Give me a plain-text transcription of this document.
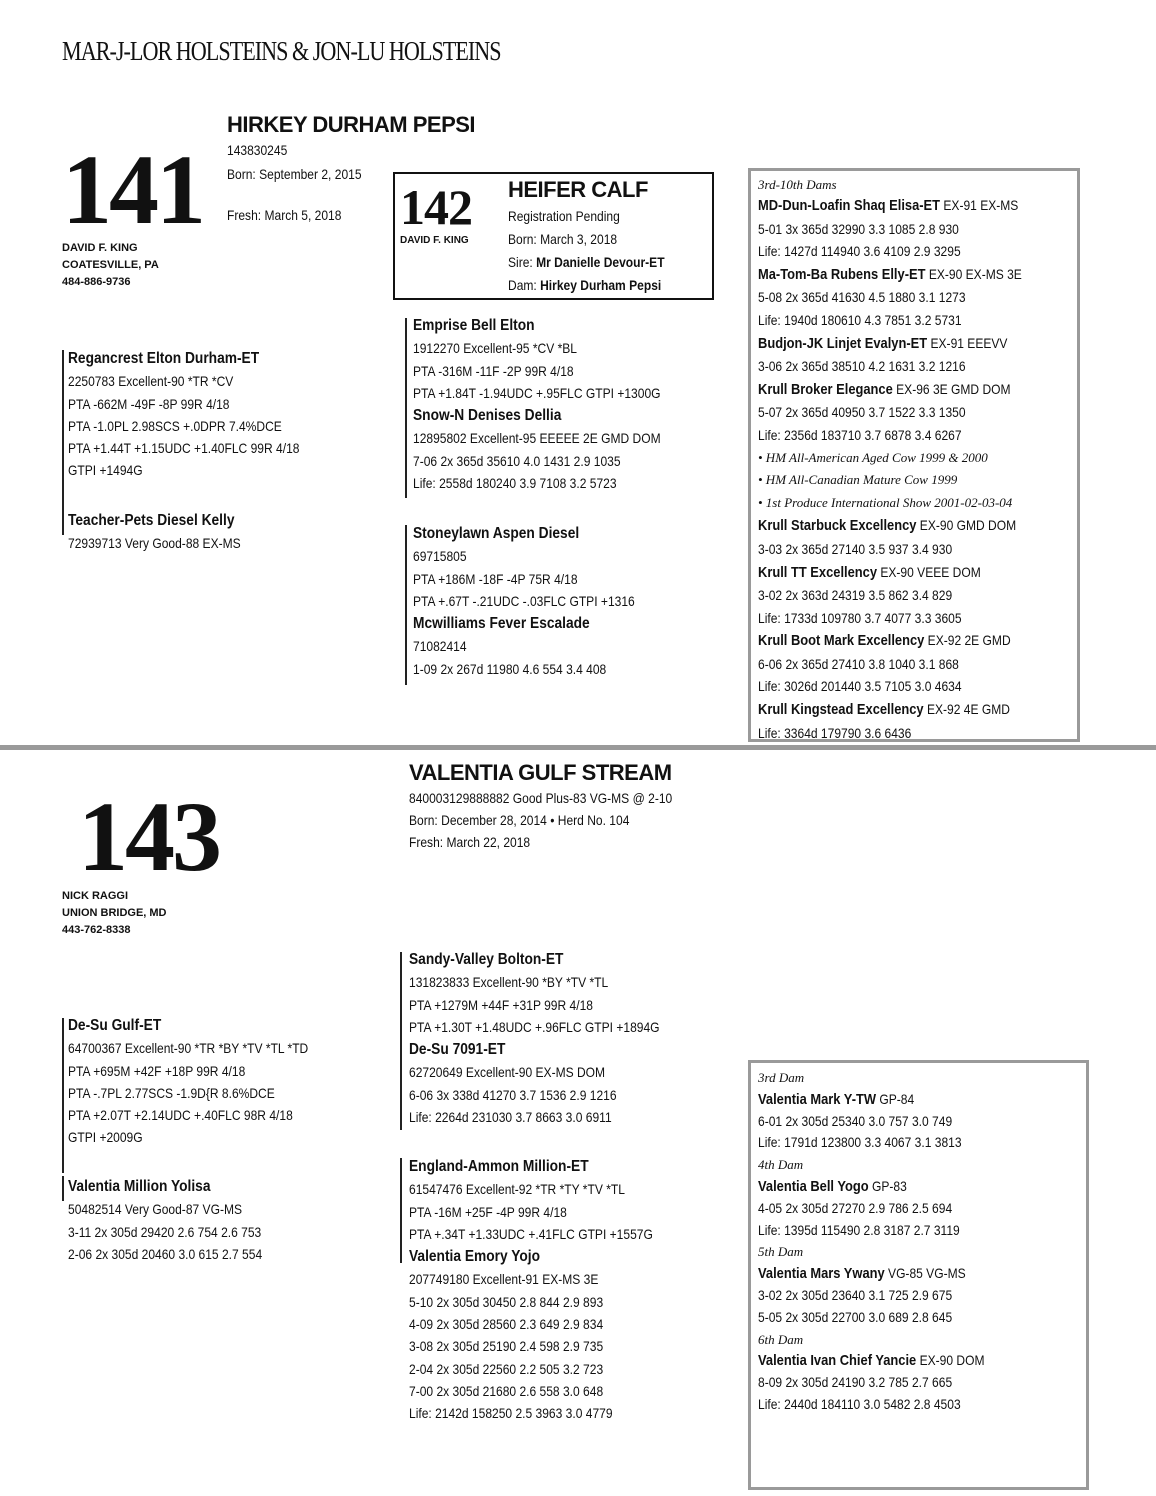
MAR-J-LOR HOLSTEINS & JON-LU HOLSTEINS
141
HIRKEY DURHAM PEPSI
143830245
Born: September 2, 2015
Fresh: March 5, 2018
DAVID F. KING
COATESVILLE, PA
484-886-9736
Regancrest Elton Durham-ET
2250783 Excellent-90 *TR *CV
PTA -662M -49F -8P 99R 4/18
PTA -1.0PL 2.98SCS +.0DPR 7.4%DCE
PTA +1.44T +1.15UDC +1.40FLC 99R 4/18
GTPI +1494G
Teacher-Pets Diesel Kelly
72939713 Very Good-88 EX-MS
142
DAVID F. KING
HEIFER CALF
Registration Pending
Born: March 3, 2018
Sire: Mr Danielle Devour-ET
Dam: Hirkey Durham Pepsi
Emprise Bell Elton
1912270 Excellent-95 *CV *BL
PTA -316M -11F -2P 99R 4/18
PTA +1.84T -1.94UDC +.95FLC GTPI +1300G
Snow-N Denises Dellia
12895802 Excellent-95 EEEEE 2E GMD DOM
7-06 2x 365d 35610 4.0 1431 2.9 1035
Life: 2558d 180240 3.9 7108 3.2 5723
Stoneylawn Aspen Diesel
69715805
PTA +186M -18F -4P 75R 4/18
PTA +.67T -.21UDC -.03FLC GTPI +1316
Mcwilliams Fever Escalade
71082414
1-09 2x 267d 11980 4.6 554 3.4 408
3rd-10th Dams
MD-Dun-Loafin Shaq Elisa-ET EX-91 EX-MS
5-01 3x 365d 32990 3.3 1085 2.8 930
Life: 1427d 114940 3.6 4109 2.9 3295
Ma-Tom-Ba Rubens Elly-ET EX-90 EX-MS 3E
5-08 2x 365d 41630 4.5 1880 3.1 1273
Life: 1940d 180610 4.3 7851 3.2 5731
Budjon-JK Linjet Evalyn-ET EX-91 EEEVV
3-06 2x 365d 38510 4.2 1631 3.2 1216
Krull Broker Elegance EX-96 3E GMD DOM
5-07 2x 365d 40950 3.7 1522 3.3 1350
Life: 2356d 183710 3.7 6878 3.4 6267
• HM All-American Aged Cow 1999 & 2000
• HM All-Canadian Mature Cow 1999
• 1st Produce International Show 2001-02-03-04
Krull Starbuck Excellency EX-90 GMD DOM
3-03 2x 365d 27140 3.5 937 3.4 930
Krull TT Excellency EX-90 VEEE DOM
3-02 2x 363d 24319 3.5 862 3.4 829
Life: 1733d 109780 3.7 4077 3.3 3605
Krull Boot Mark Excellency EX-92 2E GMD
6-06 2x 365d 27410 3.8 1040 3.1 868
Life: 3026d 201440 3.5 7105 3.0 4634
Krull Kingstead Excellency EX-92 4E GMD
Life: 3364d 179790 3.6 6436
143
VALENTIA GULF STREAM
840003129888882 Good Plus-83 VG-MS @ 2-10
Born: December 28, 2014 • Herd No. 104
Fresh: March 22, 2018
NICK RAGGI
UNION BRIDGE, MD
443-762-8338
De-Su Gulf-ET
64700367 Excellent-90 *TR *BY *TV *TL *TD
PTA +695M +42F +18P 99R 4/18
PTA -.7PL 2.77SCS -1.9D{R 8.6%DCE
PTA +2.07T +2.14UDC +.40FLC 98R 4/18
GTPI +2009G
Valentia Million Yolisa
50482514 Very Good-87 VG-MS
3-11 2x 305d 29420 2.6 754 2.6 753
2-06 2x 305d 20460 3.0 615 2.7 554
Sandy-Valley Bolton-ET
131823833 Excellent-90 *BY *TV *TL
PTA +1279M +44F +31P 99R 4/18
PTA +1.30T +1.48UDC +.96FLC GTPI +1894G
De-Su 7091-ET
62720649 Excellent-90 EX-MS DOM
6-06 3x 338d 41270 3.7 1536 2.9 1216
Life: 2264d 231030 3.7 8663 3.0 6911
England-Ammon Million-ET
61547476 Excellent-92 *TR *TY *TV *TL
PTA -16M +25F -4P 99R 4/18
PTA +.34T +1.33UDC +.41FLC GTPI +1557G
Valentia Emory Yojo
207749180 Excellent-91 EX-MS 3E
5-10 2x 305d 30450 2.8 844 2.9 893
4-09 2x 305d 28560 2.3 649 2.9 834
3-08 2x 305d 25190 2.4 598 2.9 735
2-04 2x 305d 22560 2.2 505 3.2 723
7-00 2x 305d 21680 2.6 558 3.0 648
Life: 2142d 158250 2.5 3963 3.0 4779
3rd Dam
Valentia Mark Y-TW GP-84
6-01 2x 305d 25340 3.0 757 3.0 749
Life: 1791d 123800 3.3 4067 3.1 3813
4th Dam
Valentia Bell Yogo GP-83
4-05 2x 305d 27270 2.9 786 2.5 694
Life: 1395d 115490 2.8 3187 2.7 3119
5th Dam
Valentia Mars Ywany VG-85 VG-MS
3-02 2x 305d 23640 3.1 725 2.9 675
5-05 2x 305d 22700 3.0 689 2.8 645
6th Dam
Valentia Ivan Chief Yancie EX-90 DOM
8-09 2x 305d 24190 3.2 785 2.7 665
Life: 2440d 184110 3.0 5482 2.8 4503
